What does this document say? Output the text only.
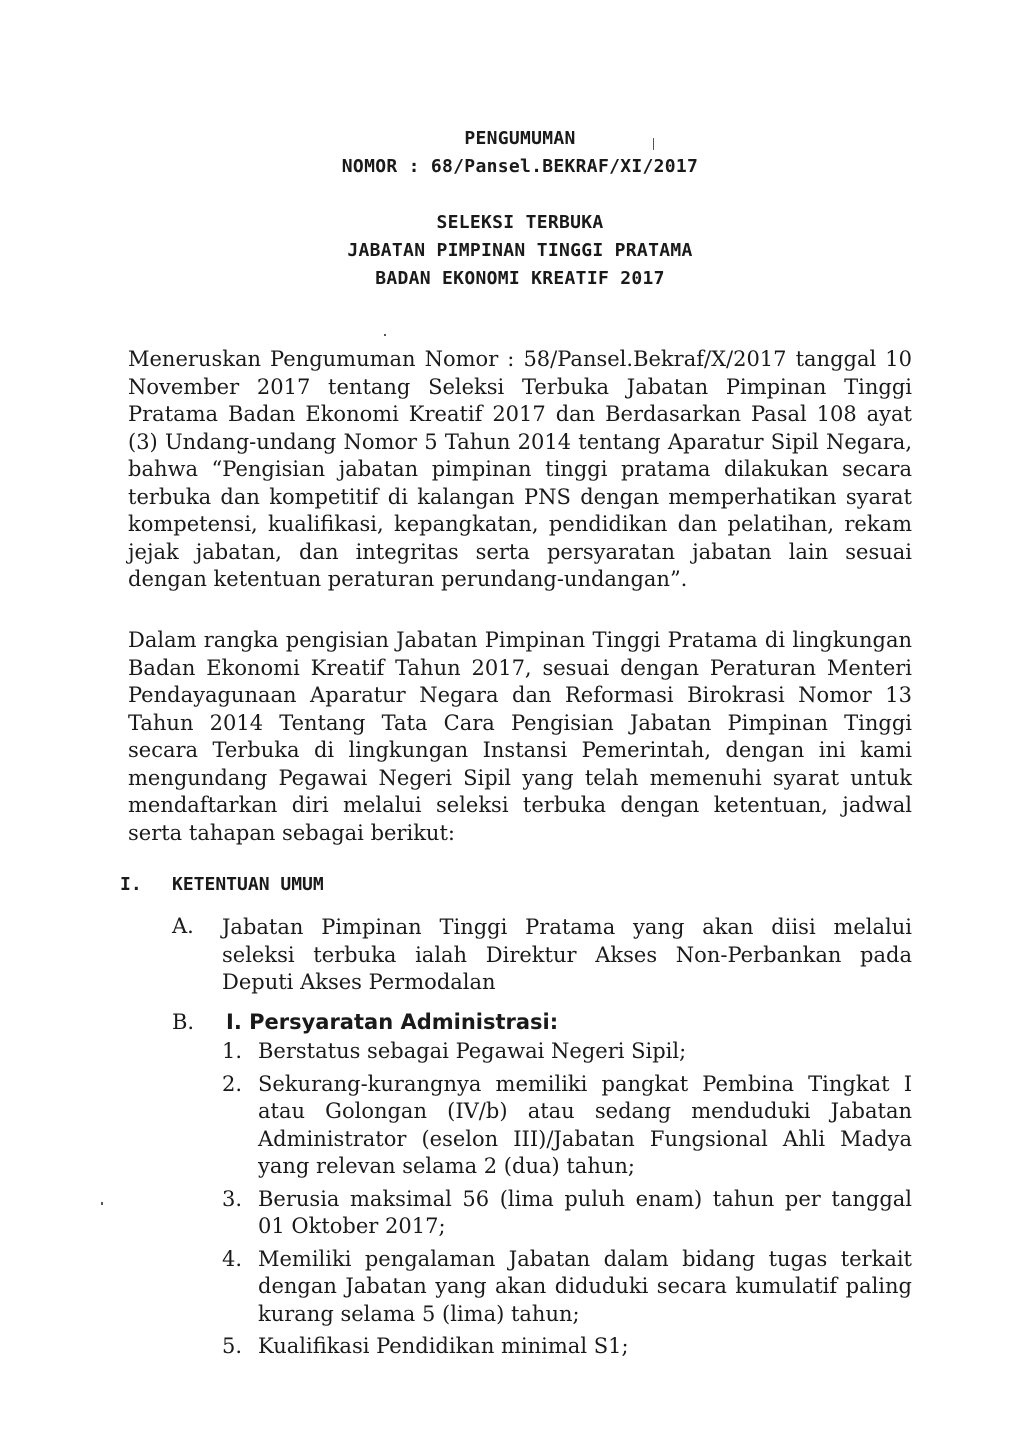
PENGUMUMAN
NOMOR : 68/Pansel.BEKRAF/XI/2017
SELEKSI TERBUKA
JABATAN PIMPINAN TINGGI PRATAMA
BADAN EKONOMI KREATIF 2017
Meneruskan Pengumuman Nomor : 58/Pansel.Bekraf/X/2017 tanggal 10 November 2017 tentang Seleksi Terbuka Jabatan Pimpinan Tinggi Pratama Badan Ekonomi Kreatif 2017 dan Berdasarkan Pasal 108 ayat (3) Undang-undang Nomor 5 Tahun 2014 tentang Aparatur Sipil Negara, bahwa “Pengisian jabatan pimpinan tinggi pratama dilakukan secara terbuka dan kompetitif di kalangan PNS dengan memperhatikan syarat kompetensi, kualifikasi, kepangkatan, pendidikan dan pelatihan, rekam jejak jabatan, dan integritas serta persyaratan jabatan lain sesuai dengan ketentuan peraturan perundang-undangan”.
Dalam rangka pengisian Jabatan Pimpinan Tinggi Pratama di lingkungan Badan Ekonomi Kreatif Tahun 2017, sesuai dengan Peraturan Menteri Pendayagunaan Aparatur Negara dan Reformasi Birokrasi Nomor 13 Tahun 2014 Tentang Tata Cara Pengisian Jabatan Pimpinan Tinggi secara Terbuka di lingkungan Instansi Pemerintah, dengan ini kami mengundang Pegawai Negeri Sipil yang telah memenuhi syarat untuk mendaftarkan diri melalui seleksi terbuka dengan ketentuan, jadwal serta tahapan sebagai berikut:
I. KETENTUAN UMUM
A. Jabatan Pimpinan Tinggi Pratama yang akan diisi melalui seleksi terbuka ialah Direktur Akses Non-Perbankan pada Deputi Akses Permodalan
B. I. Persyaratan Administrasi:
1. Berstatus sebagai Pegawai Negeri Sipil;
2. Sekurang-kurangnya memiliki pangkat Pembina Tingkat I atau Golongan (IV/b) atau sedang menduduki Jabatan Administrator (eselon III)/Jabatan Fungsional Ahli Madya yang relevan selama 2 (dua) tahun;
3. Berusia maksimal 56 (lima puluh enam) tahun per tanggal 01 Oktober 2017;
4. Memiliki pengalaman Jabatan dalam bidang tugas terkait dengan Jabatan yang akan diduduki secara kumulatif paling kurang selama 5 (lima) tahun;
5. Kualifikasi Pendidikan minimal S1;
